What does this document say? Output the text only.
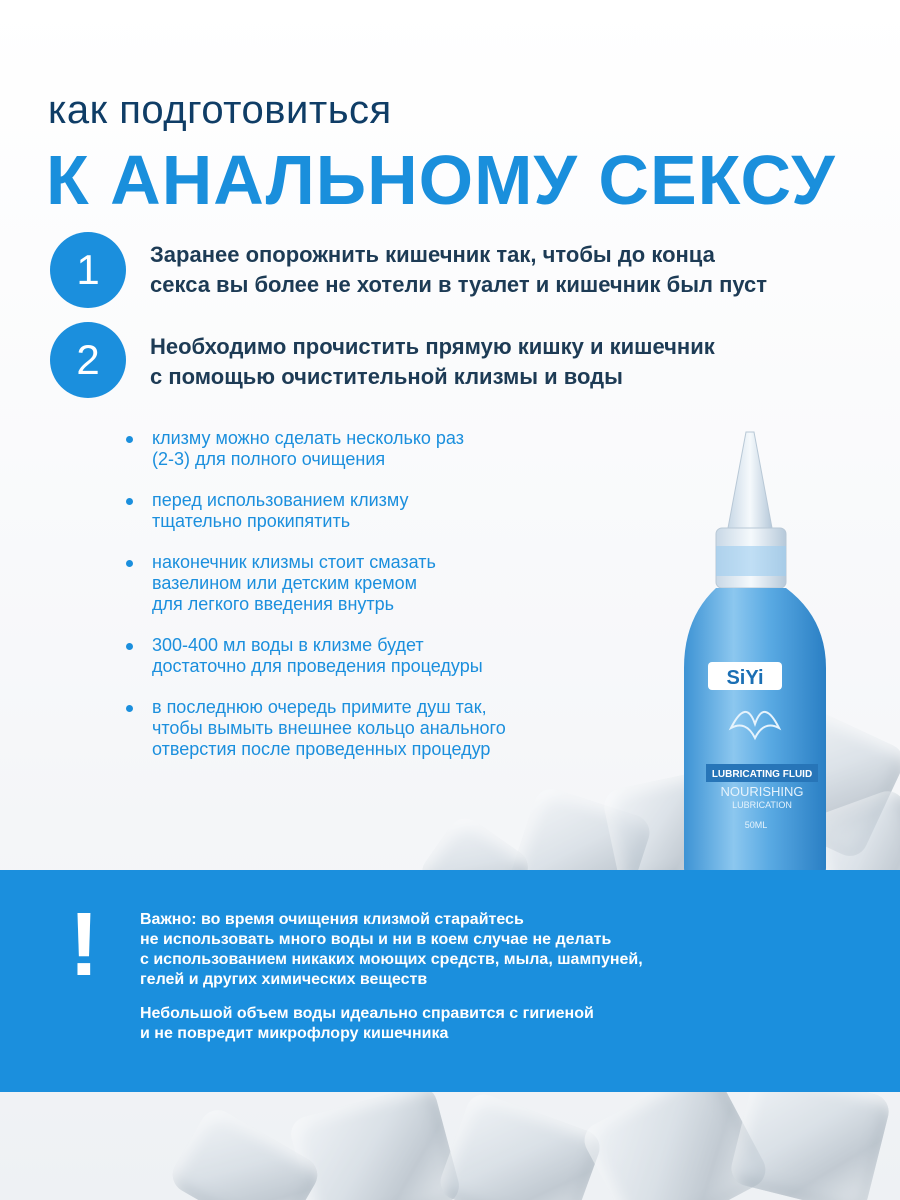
как подготовиться
К АНАЛЬНОМУ СЕКСУ
1	Заранее опорожнить кишечник так, чтобы до конца
секса вы более не хотели в туалет и кишечник был пуст
2	Необходимо прочистить прямую кишку и кишечник
с помощью очистительной клизмы и воды
клизму можно сделать несколько раз
(2-3) для полного очищения
перед использованием клизму
тщательно прокипятить
наконечник клизмы стоит смазать
вазелином или детским кремом
для легкого введения внутрь
300-400 мл воды в клизме будет
достаточно для проведения процедуры
в последнюю очередь примите душ так,
чтобы вымыть внешнее кольцо анального
отверстия после проведенных процедур
SiYi
LUBRICATING FLUID
NOURISHING
LUBRICATION
50ML
!	Важно: во время очищения клизмой старайтесь
не использовать много воды и ни в коем случае не делать
с использованием никаких моющих средств, мыла, шампуней,
гелей и других химических веществ
Небольшой объем воды идеально справится с гигиеной
и не повредит микрофлору кишечника
